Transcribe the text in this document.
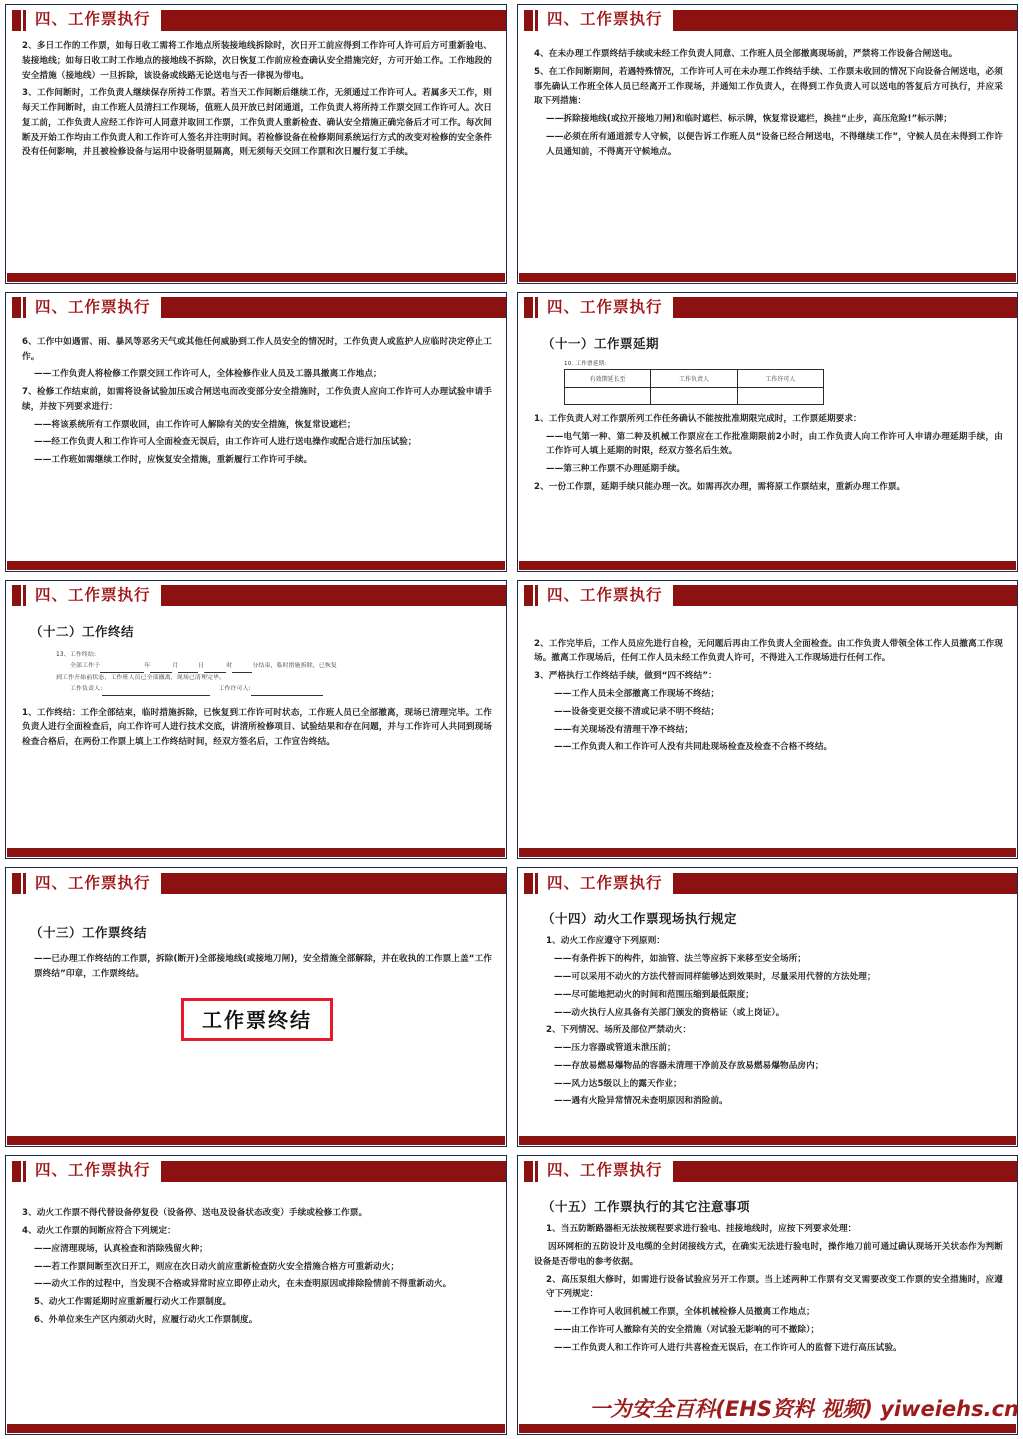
四、工作票执行

2、多日工作的工作票，如每日收工需将工作地点所装接地线拆除时，次日开工前应得到工作许可人许可后方可重新验电、装接地线；如每日收工时工作地点的接地线不拆除，次日恢复工作前应检查确认安全措施完好，方可开始工作。工作地段的安全措施（接地线）一旦拆除，该设备或线路无论送电与否一律视为带电。

3、工作间断时，工作负责人继续保存所持工作票。若当天工作间断后继续工作，无须通过工作许可人。若属多天工作，则每天工作间断时，由工作班人员清扫工作现场，值班人员开放已封闭通道，工作负责人将所持工作票交回工作许可人。次日复工前，工作负责人应经工作许可人同意并取回工作票，工作负责人重新检查、确认安全措施正确完备后才可工作。每次间断及开始工作均由工作负责人和工作许可人签名并注明时间。若检修设备在检修期间系统运行方式的改变对检修的安全条件没有任何影响，并且被检修设备与运用中设备明显隔离，则无须每天交回工作票和次日履行复工手续。

四、工作票执行

4、在未办理工作票终结手续或未经工作负责人同意、工作班人员全部撤离现场前，严禁将工作设备合闸送电。

5、在工作间断期间，若遇特殊情况，工作许可人可在未办理工作终结手续、工作票未收回的情况下向设备合闸送电，必须事先确认工作班全体人员已经离开工作现场，并通知工作负责人，在得到工作负责人可以送电的答复后方可执行，并应采取下列措施：

——拆除接地线(或拉开接地刀闸)和临时遮栏、标示牌，恢复常设遮栏，换挂“止步，高压危险!”标示牌；

——必须在所有通道派专人守候，以便告诉工作班人员“设备已经合闸送电，不得继续工作”，守候人员在未得到工作许人员通知前，不得离开守候地点。

四、工作票执行

6、工作中如遇雷、雨、暴风等恶劣天气或其他任何威胁到工作人员安全的情况时，工作负责人或监护人应临时决定停止工作。

——工作负责人将检修工作票交回工作许可人，全体检修作业人员及工器具撤离工作地点；

7、检修工作结束前，如需将设备试验加压或合闸送电而改变部分安全措施时，工作负责人应向工作许可人办理试验申请手续，并按下列要求进行：

——将该系统所有工作票收回，由工作许可人解除有关的安全措施，恢复常设遮栏；

——经工作负责人和工作许可人全面检查无误后，由工作许可人进行送电操作或配合进行加压试验；

——工作班如需继续工作时，应恢复安全措施，重新履行工作许可手续。

四、工作票执行
（十一）工作票延期
10. 工作票延期:
有效期延长至	工作负责人	工作许可人

1、工作负责人对工作票所列工作任务确认不能按批准期限完成时，工作票延期要求：

——电气第一种、第二种及机械工作票应在工作批准期限前2小时，由工作负责人向工作许可人申请办理延期手续，由工作许可人填上延期的时限，经双方签名后生效。

——第三种工作票不办理延期手续。

2、一份工作票，延期手续只能办理一次。如需再次办理，需将原工作票结束，重新办理工作票。

四、工作票执行
（十二）工作终结
13、工作终结:
全部工作于	年	月	日	时	分结束，临时措施拆除，已恢复
到工作开始前状态，工作班人员已全部撤离，现场已清理完毕。
工作负责人:	工作许可人:

1、工作终结：工作全部结束，临时措施拆除，已恢复到工作许可时状态，工作班人员已全部撤离，现场已清理完毕。工作负责人进行全面检查后，向工作许可人进行技术交底，讲清所检修项目、试验结果和存在问题，并与工作许可人共同到现场检查合格后，在两份工作票上填上工作终结时间，经双方签名后，工作宣告终结。

四、工作票执行

2、工作完毕后，工作人员应先进行自检，无问题后再由工作负责人全面检查。由工作负责人带领全体工作人员撤离工作现场。撤离工作现场后，任何工作人员未经工作负责人许可，不得进入工作现场进行任何工作。

3、严格执行工作终结手续，做到“四不终结”：

——工作人员未全部撤离工作现场不终结；

——设备变更交接不清或记录不明不终结；

——有关现场没有清理干净不终结；

——工作负责人和工作许可人没有共同赴现场检查及检查不合格不终结。

四、工作票执行
（十三）工作票终结

——已办理工作终结的工作票，拆除(断开)全部接地线(或接地刀闸)，安全措施全部解除，并在收执的工作票上盖“工作票终结”印章，工作票终结。

工作票终结
四、工作票执行
（十四）动火工作票现场执行规定

1、动火工作应遵守下列原则：

——有条件拆下的构件，如油管、法兰等应拆下来移至安全场所；

——可以采用不动火的方法代替而同样能够达到效果时，尽量采用代替的方法处理；

——尽可能地把动火的时间和范围压缩到最低限度；

——动火执行人应具备有关部门颁发的资格证（或上岗证）。

2、下列情况、场所及部位严禁动火：

——压力容器或管道未泄压前；

——存放易燃易爆物品的容器未清理干净前及存放易燃易爆物品房内；

——风力达5级以上的露天作业；

——遇有火险异常情况未查明原因和消险前。

四、工作票执行

3、动火工作票不得代替设备停复役（设备停、送电及设备状态改变）手续或检修工作票。

4、动火工作票的间断应符合下列规定：

——应清理现场，认真检查和消除残留火种；

——若工作票间断至次日开工，则应在次日动火前应重新检查防火安全措施合格方可重新动火；

——动火工作的过程中，当发现不合格或异常时应立即停止动火，在未查明原因或排除险情前不得重新动火。

5、动火工作需延期时应重新履行动火工作票制度。

6、外单位来生产区内须动火时，应履行动火工作票制度。

四、工作票执行
（十五）工作票执行的其它注意事项

1、当五防断路器柜无法按规程要求进行验电、挂接地线时，应按下列要求处理：

因环网柜的五防设计及电缆的全封闭接线方式，在确实无法进行验电时，操作地刀前可通过确认现场开关状态作为判断设备是否带电的参考依据。

2、高压泵组大修时，如需进行设备试验应另开工作票。当上述两种工作票有交叉需要改变工作票的安全措施时，应遵守下列规定：

——工作许可人收回机械工作票，全体机械检修人员撤离工作地点；

——由工作许可人撤除有关的安全措施（对试验无影响的可不撤除）；

——工作负责人和工作许可人进行共喜检查无误后，在工作许可人的监督下进行高压试验。

一为安全百科(EHS资料 视频) yiweiehs.cn
